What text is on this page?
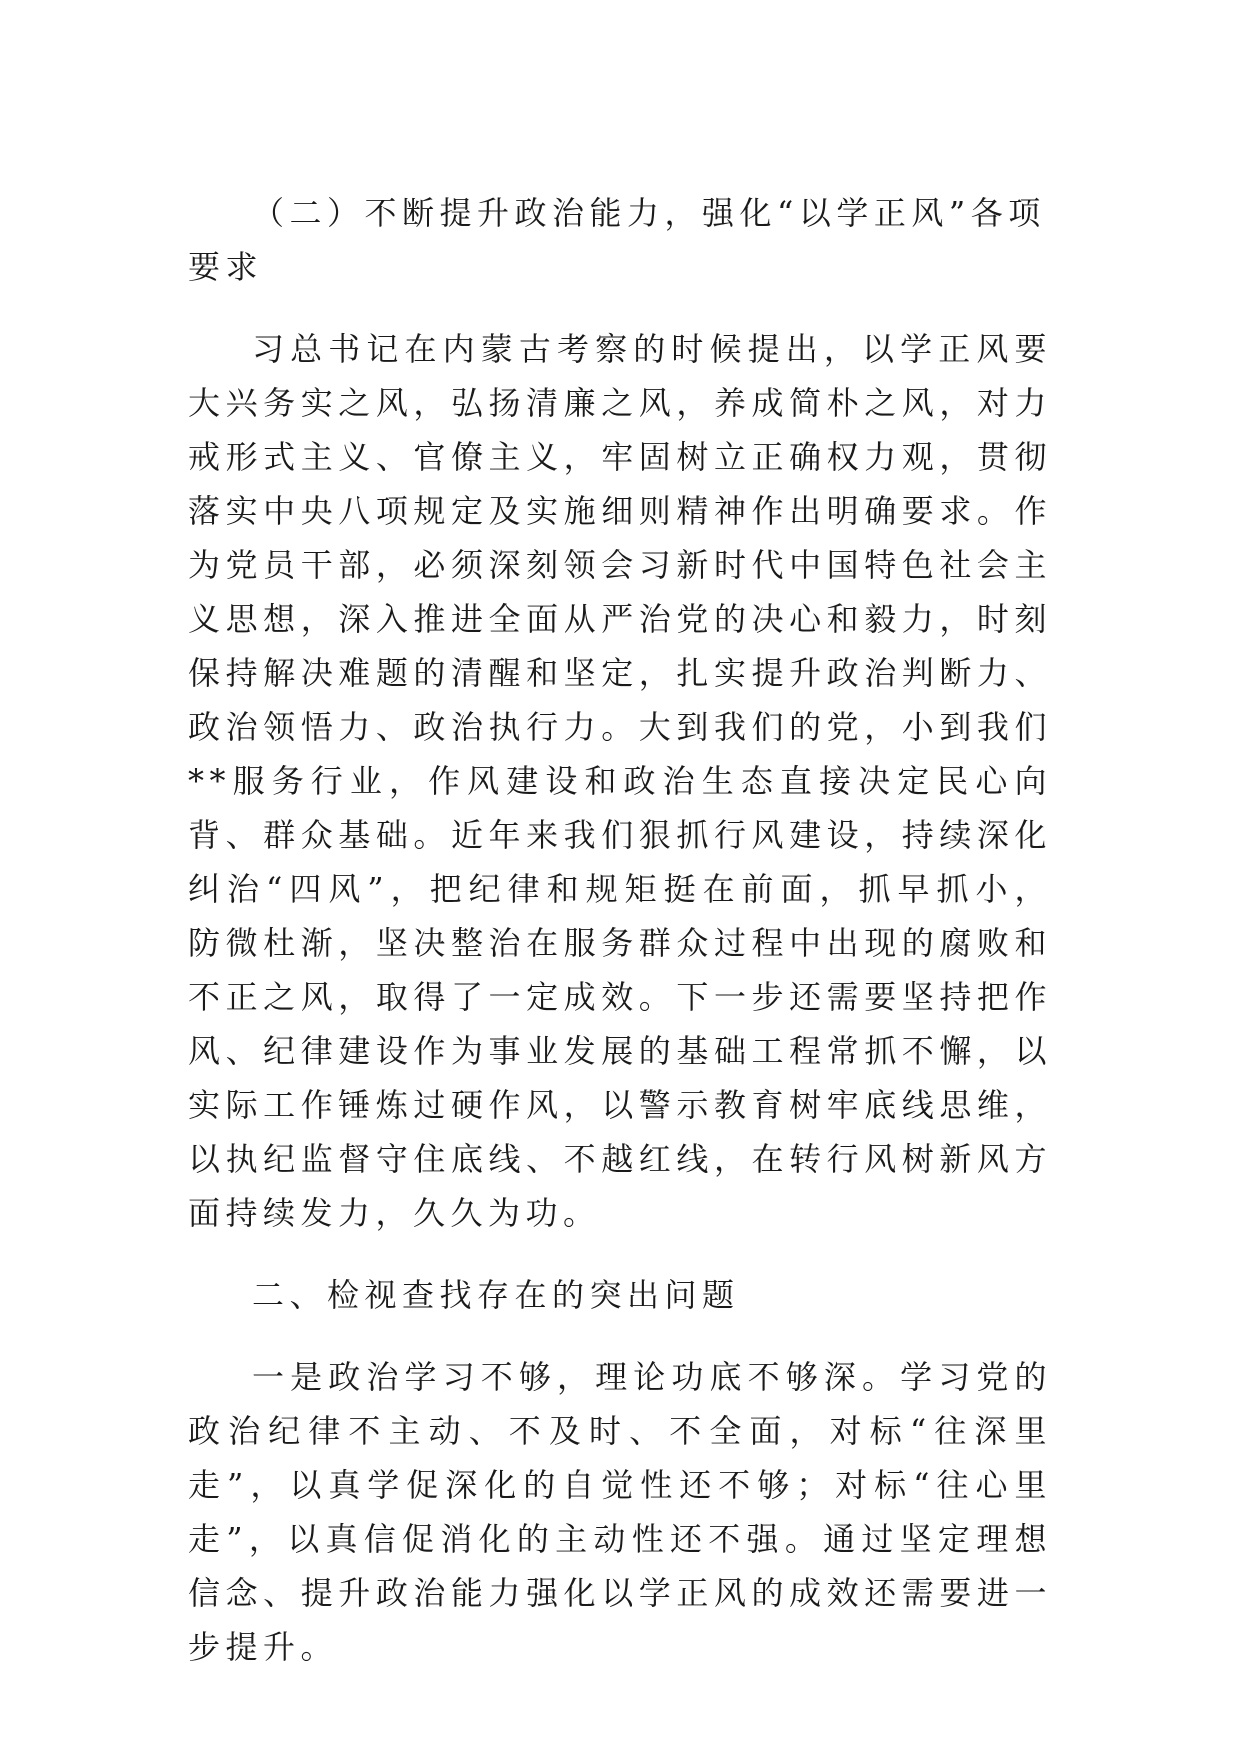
（二）不断提升政治能力，强化“以学正风”各项要求

习总书记在内蒙古考察的时候提出，以学正风要大兴务实之风，弘扬清廉之风，养成简朴之风，对力戒形式主义、官僚主义，牢固树立正确权力观，贯彻落实中央八项规定及实施细则精神作出明确要求。作为党员干部，必须深刻领会习新时代中国特色社会主义思想，深入推进全面从严治党的决心和毅力，时刻保持解决难题的清醒和坚定，扎实提升政治判断力、政治领悟力、政治执行力。大到我们的党，小到我们**服务行业，作风建设和政治生态直接决定民心向背、群众基础。近年来我们狠抓行风建设，持续深化纠治“四风”，把纪律和规矩挺在前面，抓早抓小，防微杜渐，坚决整治在服务群众过程中出现的腐败和不正之风，取得了一定成效。下一步还需要坚持把作风、纪律建设作为事业发展的基础工程常抓不懈，以实际工作锤炼过硬作风，以警示教育树牢底线思维，以执纪监督守住底线、不越红线，在转行风树新风方面持续发力，久久为功。

二、检视查找存在的突出问题

一是政治学习不够，理论功底不够深。学习党的政治纪律不主动、不及时、不全面，对标“往深里走”，以真学促深化的自觉性还不够；对标“往心里走”，以真信促消化的主动性还不强。通过坚定理想信念、提升政治能力强化以学正风的成效还需要进一步提升。
